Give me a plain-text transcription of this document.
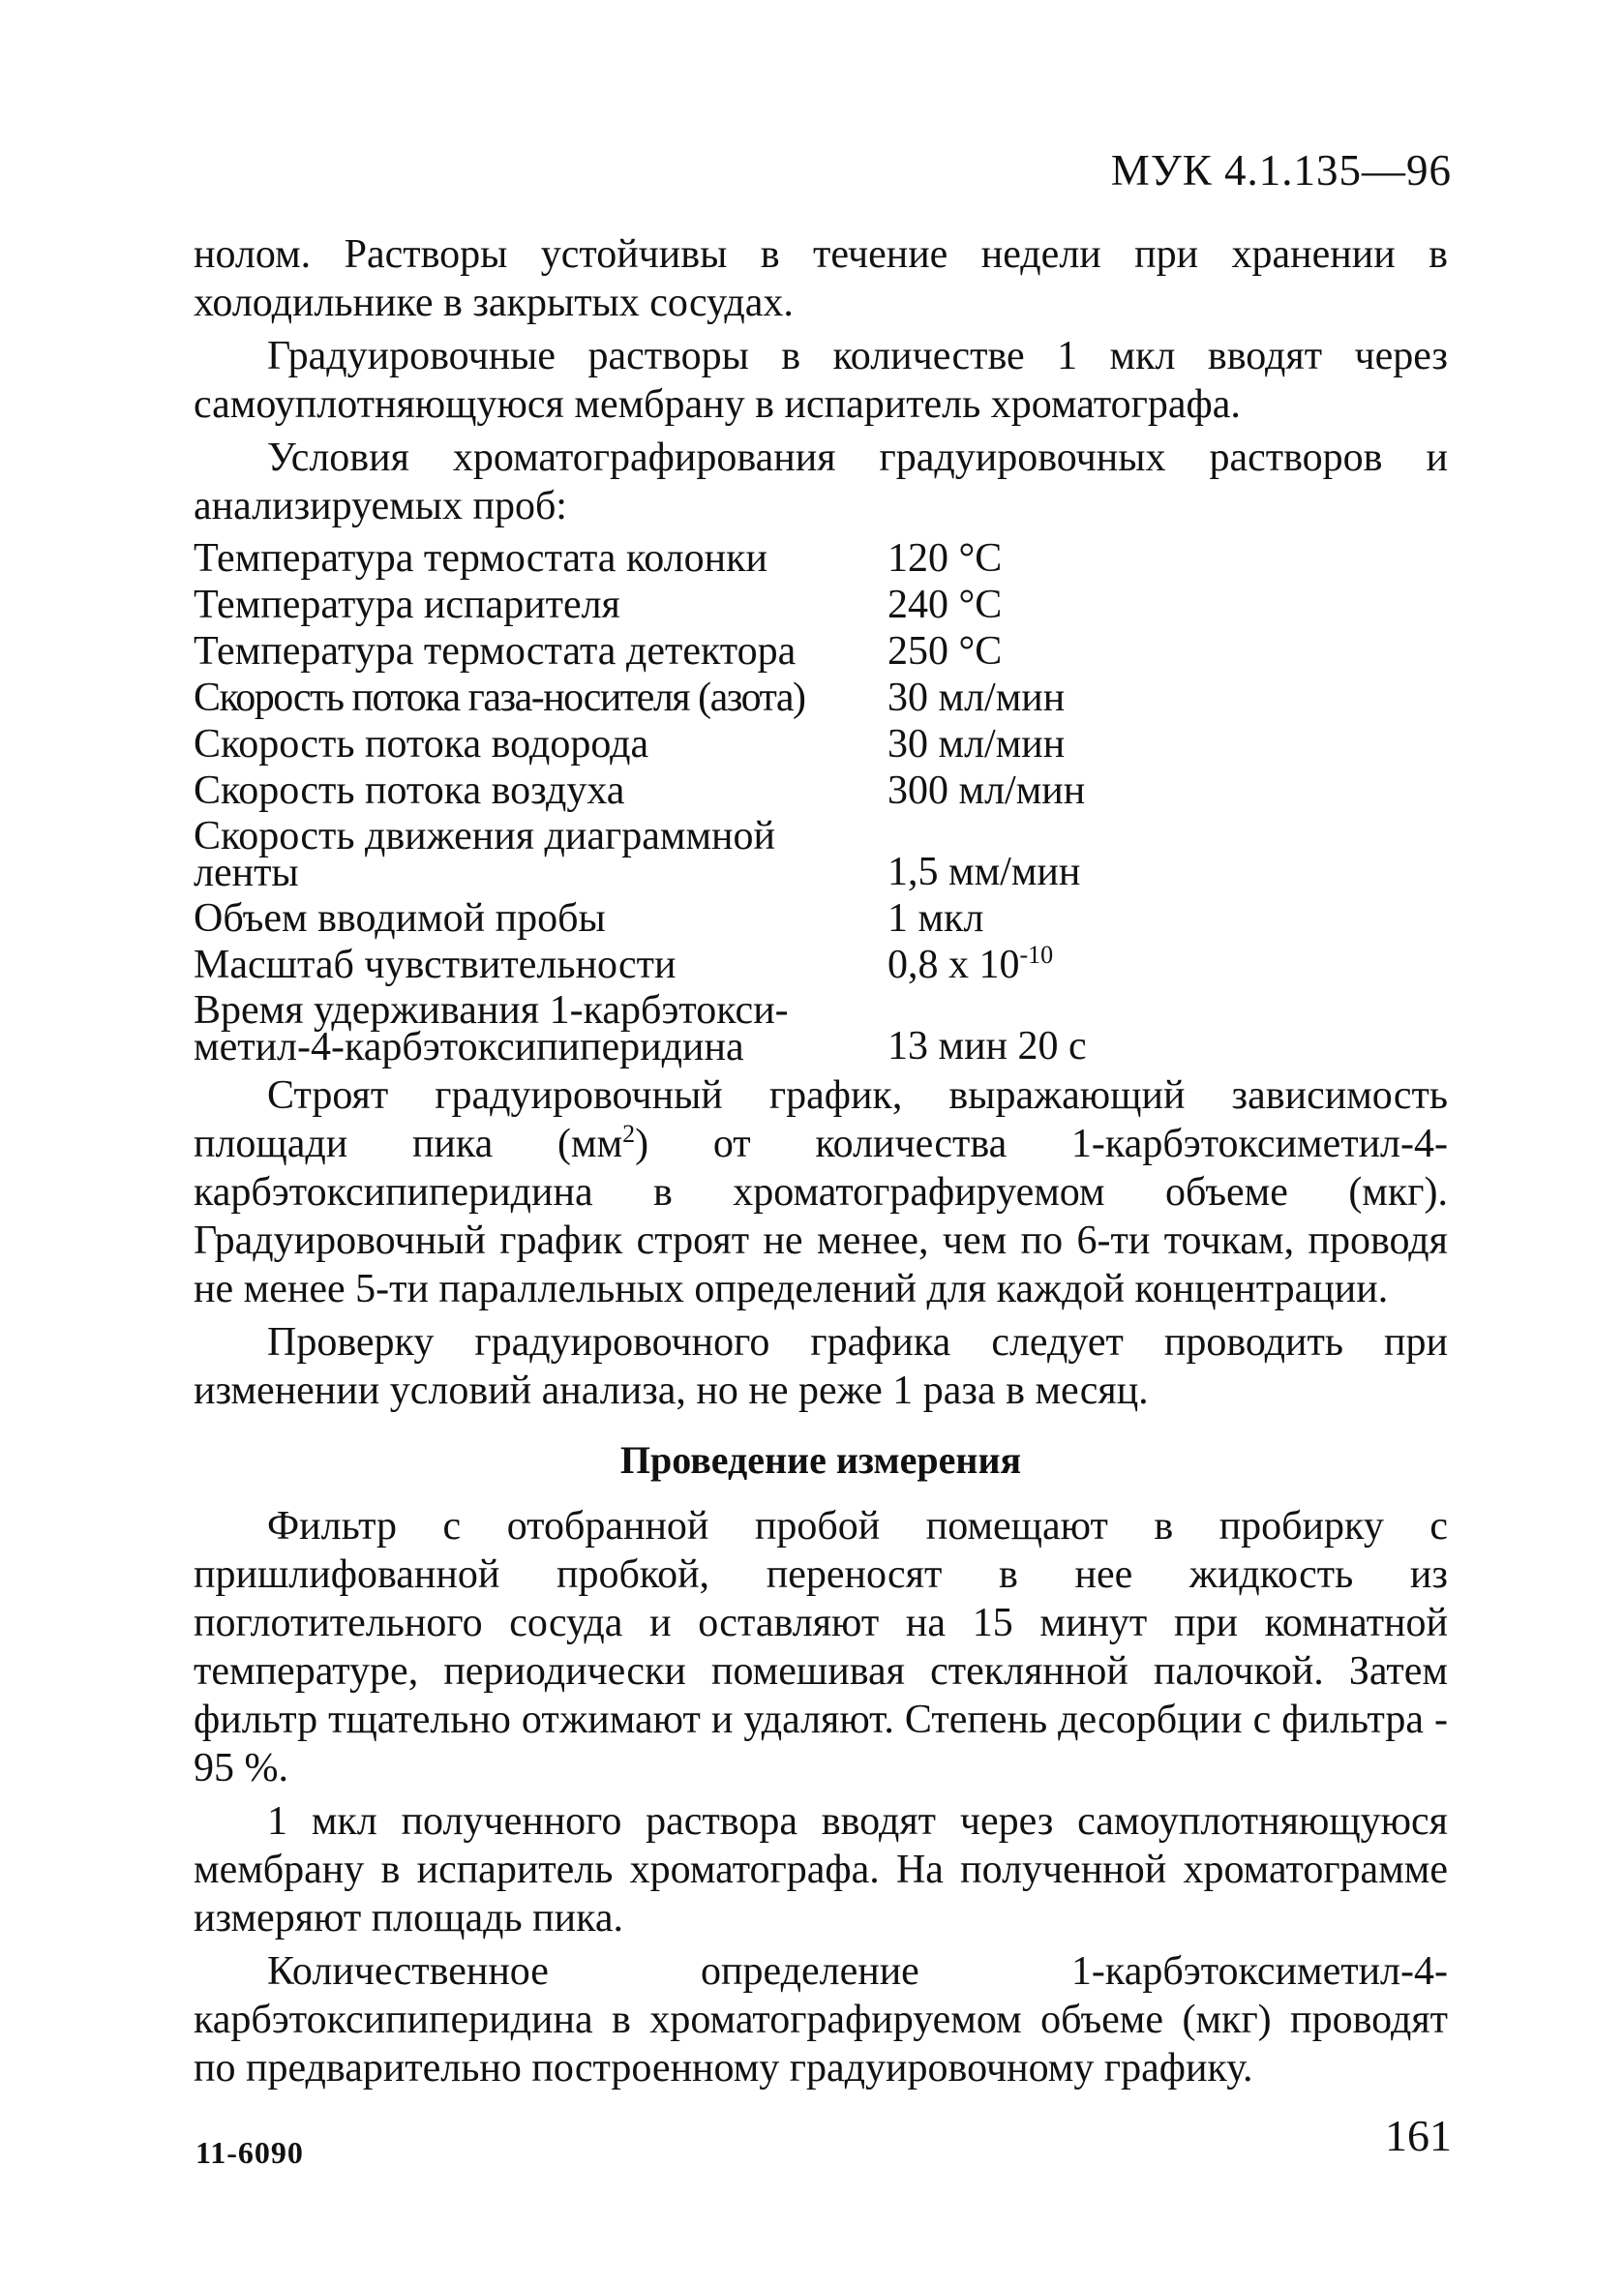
МУК 4.1.135—96

нолом. Растворы устойчивы в течение недели при хранении в холодильнике в закрытых сосудах.

Градуировочные растворы в количестве 1 мкл вводят через самоуплотняющуюся мембрану в испаритель хроматографа.

Условия хроматографирования градуировочных растворов и анализируемых проб:

Температура термостата колонки	120 °С
Температура испарителя	240 °С
Температура термостата детектора	250 °С
Скорость потока газа-носителя (азота)	30 мл/мин
Скорость потока водорода	30 мл/мин
Скорость потока воздуха	300 мл/мин
Скорость движения диаграммной
ленты	1,5 мм/мин
Объем вводимой пробы	1 мкл
Масштаб чувствительности	0,8 х $10^{-10}$
Время удерживания 1-карбэтокси-
метил-4-карбэтоксипиперидина	13 мин 20 с

Строят градуировочный график, выражающий зависимость площади пика $(мм^2)$ от количества 1-карбэтоксиметил-4-карбэтоксипиперидина в хроматографируемом объеме (мкг). Градуировочный график строят не менее, чем по 6-ти точкам, проводя не менее 5-ти параллельных определений для каждой концентрации.

Проверку градуировочного графика следует проводить при изменении условий анализа, но не реже 1 раза в месяц.

Проведение измерения

Фильтр с отобранной пробой помещают в пробирку с пришлифованной пробкой, переносят в нее жидкость из поглотительного сосуда и оставляют на 15 минут при комнатной температуре, периодически помешивая стеклянной палочкой. Затем фильтр тщательно отжимают и удаляют. Степень десорбции с фильтра - 95 %.

1 мкл полученного раствора вводят через самоуплотняющуюся мембрану в испаритель хроматографа. На полученной хроматограмме измеряют площадь пика.

Количественное определение 1-карбэтоксиметил-4-карбэтоксипиперидина в хроматографируемом объеме (мкг) проводят по предварительно построенному градуировочному графику.

11-6090	161
